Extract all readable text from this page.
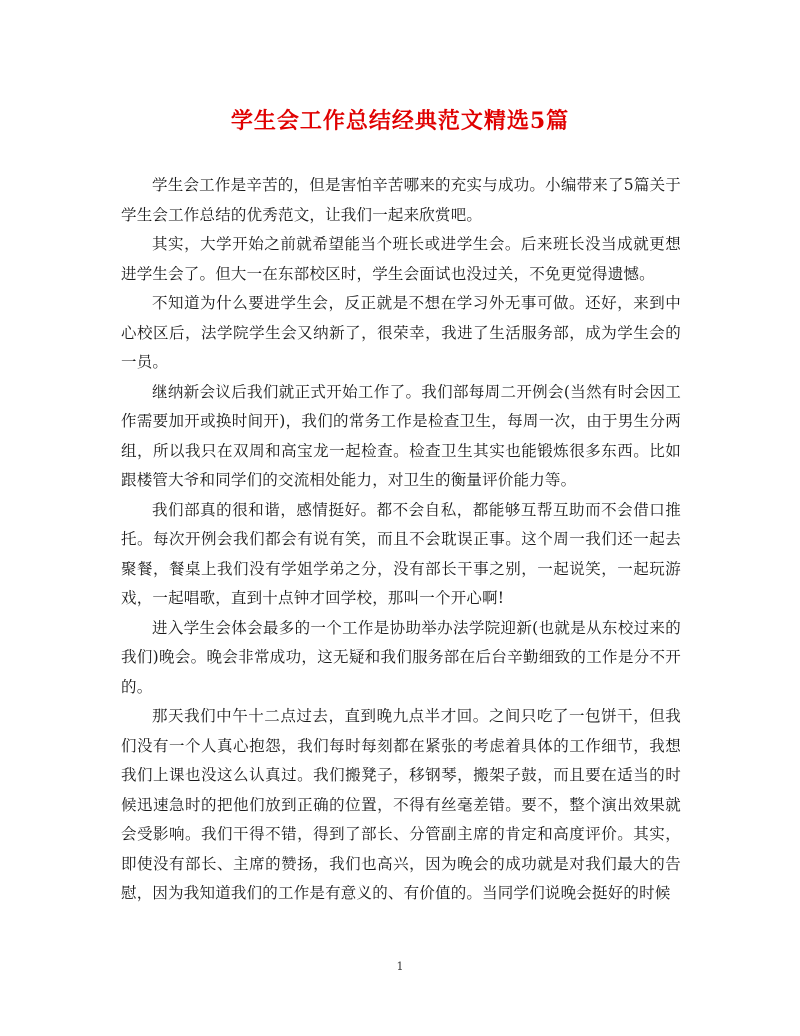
学生会工作总结经典范文精选5篇

学生会工作是辛苦的，但是害怕辛苦哪来的充实与成功。小编带来了5篇关于学生会工作总结的优秀范文，让我们一起来欣赏吧。

其实，大学开始之前就希望能当个班长或进学生会。后来班长没当成就更想进学生会了。但大一在东部校区时，学生会面试也没过关，不免更觉得遗憾。

不知道为什么要进学生会，反正就是不想在学习外无事可做。还好，来到中心校区后，法学院学生会又纳新了，很荣幸，我进了生活服务部，成为学生会的一员。

继纳新会议后我们就正式开始工作了。我们部每周二开例会(当然有时会因工作需要加开或换时间开)，我们的常务工作是检查卫生，每周一次，由于男生分两组，所以我只在双周和高宝龙一起检查。检查卫生其实也能锻炼很多东西。比如跟楼管大爷和同学们的交流相处能力，对卫生的衡量评价能力等。

我们部真的很和谐，感情挺好。都不会自私，都能够互帮互助而不会借口推托。每次开例会我们都会有说有笑，而且不会耽误正事。这个周一我们还一起去聚餐，餐桌上我们没有学姐学弟之分，没有部长干事之别，一起说笑，一起玩游戏，一起唱歌，直到十点钟才回学校，那叫一个开心啊!

进入学生会体会最多的一个工作是协助举办法学院迎新(也就是从东校过来的我们)晚会。晚会非常成功，这无疑和我们服务部在后台辛勤细致的工作是分不开的。

那天我们中午十二点过去，直到晚九点半才回。之间只吃了一包饼干，但我们没有一个人真心抱怨，我们每时每刻都在紧张的考虑着具体的工作细节，我想我们上课也没这么认真过。我们搬凳子，移钢琴，搬架子鼓，而且要在适当的时候迅速急时的把他们放到正确的位置，不得有丝毫差错。要不，整个演出效果就会受影响。我们干得不错，得到了部长、分管副主席的肯定和高度评价。其实，即使没有部长、主席的赞扬，我们也高兴，因为晚会的成功就是对我们最大的告慰，因为我知道我们的工作是有意义的、有价值的。当同学们说晚会挺好的时候

1
